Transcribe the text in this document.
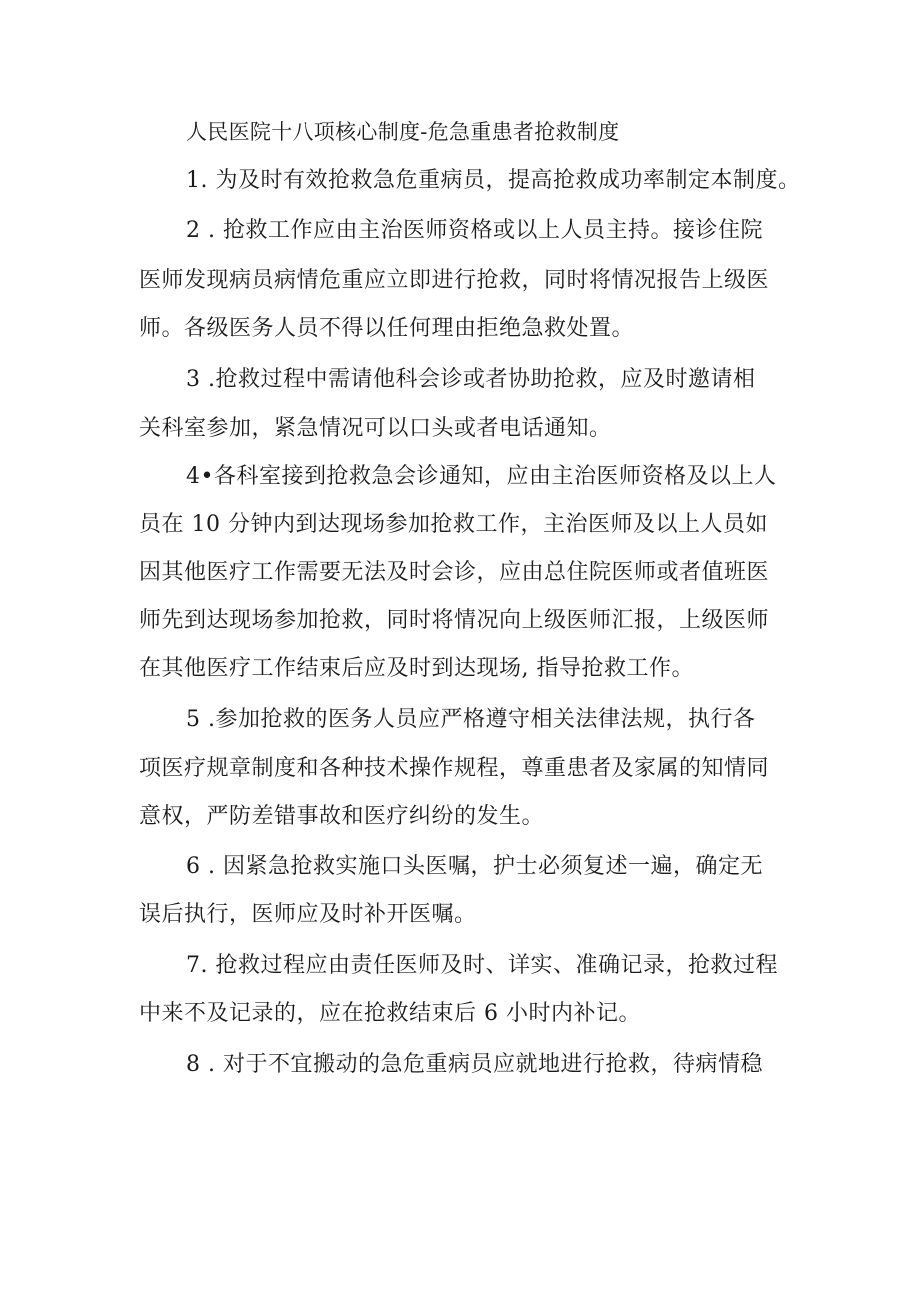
人民医院十八项核心制度-危急重患者抢救制度
1. 为及时有效抢救急危重病员，提高抢救成功率制定本制度。
2 . 抢救工作应由主治医师资格或以上人员主持。接诊住院
医师发现病员病情危重应立即进行抢救，同时将情况报告上级医
师。各级医务人员不得以任何理由拒绝急救处置。
3 .抢救过程中需请他科会诊或者协助抢救，应及时邀请相
关科室参加，紧急情况可以口头或者电话通知。
4•各科室接到抢救急会诊通知，应由主治医师资格及以上人
员在 10 分钟内到达现场参加抢救工作，主治医师及以上人员如
因其他医疗工作需要无法及时会诊，应由总住院医师或者值班医
师先到达现场参加抢救，同时将情况向上级医师汇报，上级医师
在其他医疗工作结束后应及时到达现场, 指导抢救工作。
5 .参加抢救的医务人员应严格遵守相关法律法规，执行各
项医疗规章制度和各种技术操作规程，尊重患者及家属的知情同
意权，严防差错事故和医疗纠纷的发生。
6 . 因紧急抢救实施口头医嘱，护士必须复述一遍，确定无
误后执行，医师应及时补开医嘱。
7. 抢救过程应由责任医师及时、详实、准确记录，抢救过程
中来不及记录的，应在抢救结束后 6 小时内补记。
8 . 对于不宜搬动的急危重病员应就地进行抢救，待病情稳
